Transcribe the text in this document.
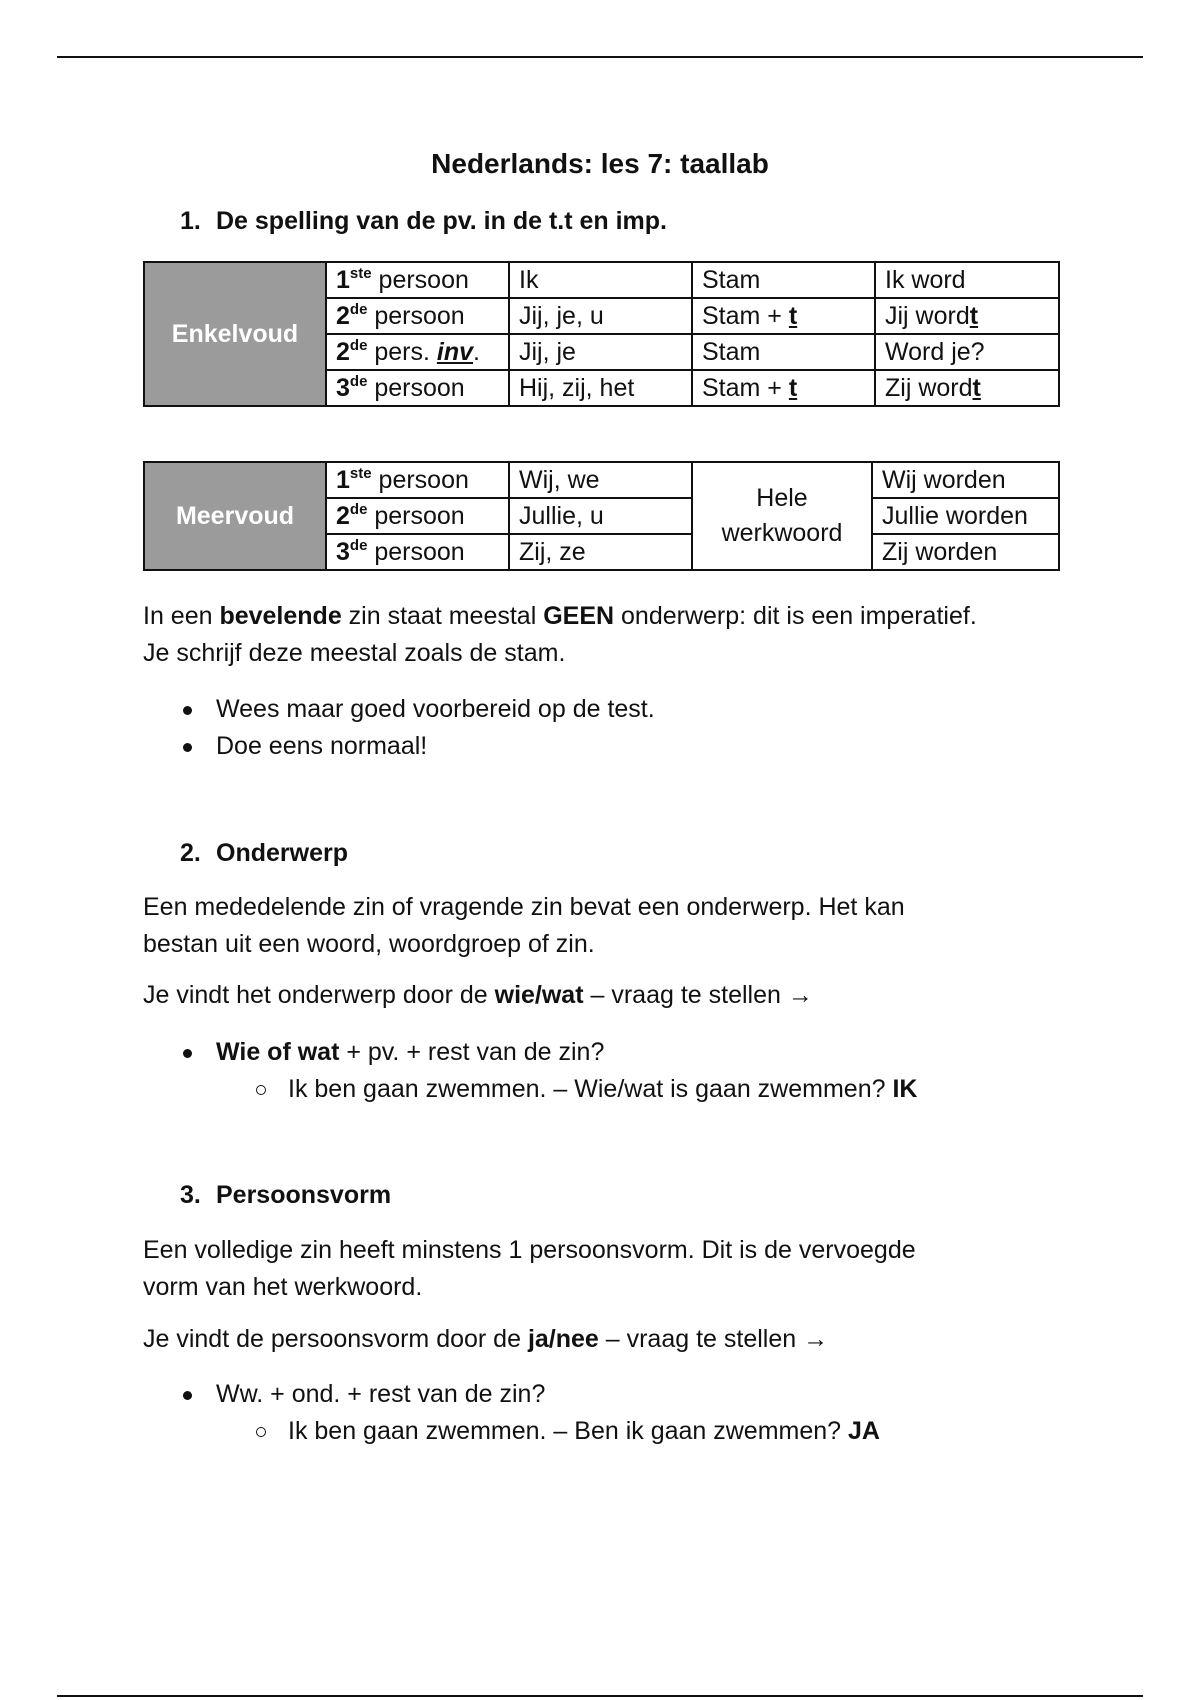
Nederlands: les 7: taallab
1. De spelling van de pv. in de t.t en imp.
Enkelvoud	1ste persoon	Ik	Stam	Ik word
	2de persoon	Jij, je, u	Stam + t	Jij wordt
	2de pers. inv.	Jij, je	Stam	Word je?
	3de persoon	Hij, zij, het	Stam + t	Zij wordt
Meervoud	1ste persoon	Wij, we	Hele werkwoord	Wij worden
	2de persoon	Jullie, u		Jullie worden
	3de persoon	Zij, ze		Zij worden
In een bevelende zin staat meestal GEEN onderwerp: dit is een imperatief.
Je schrijf deze meestal zoals de stam.
Wees maar goed voorbereid op de test.
Doe eens normaal!
2. Onderwerp
Een mededelende zin of vragende zin bevat een onderwerp. Het kan
bestan uit een woord, woordgroep of zin.
Je vindt het onderwerp door de wie/wat – vraag te stellen →
Wie of wat + pv. + rest van de zin?
Ik ben gaan zwemmen. – Wie/wat is gaan zwemmen? IK
3. Persoonsvorm
Een volledige zin heeft minstens 1 persoonsvorm. Dit is de vervoegde
vorm van het werkwoord.
Je vindt de persoonsvorm door de ja/nee – vraag te stellen →
Ww. + ond. + rest van de zin?
Ik ben gaan zwemmen. – Ben ik gaan zwemmen? JA
